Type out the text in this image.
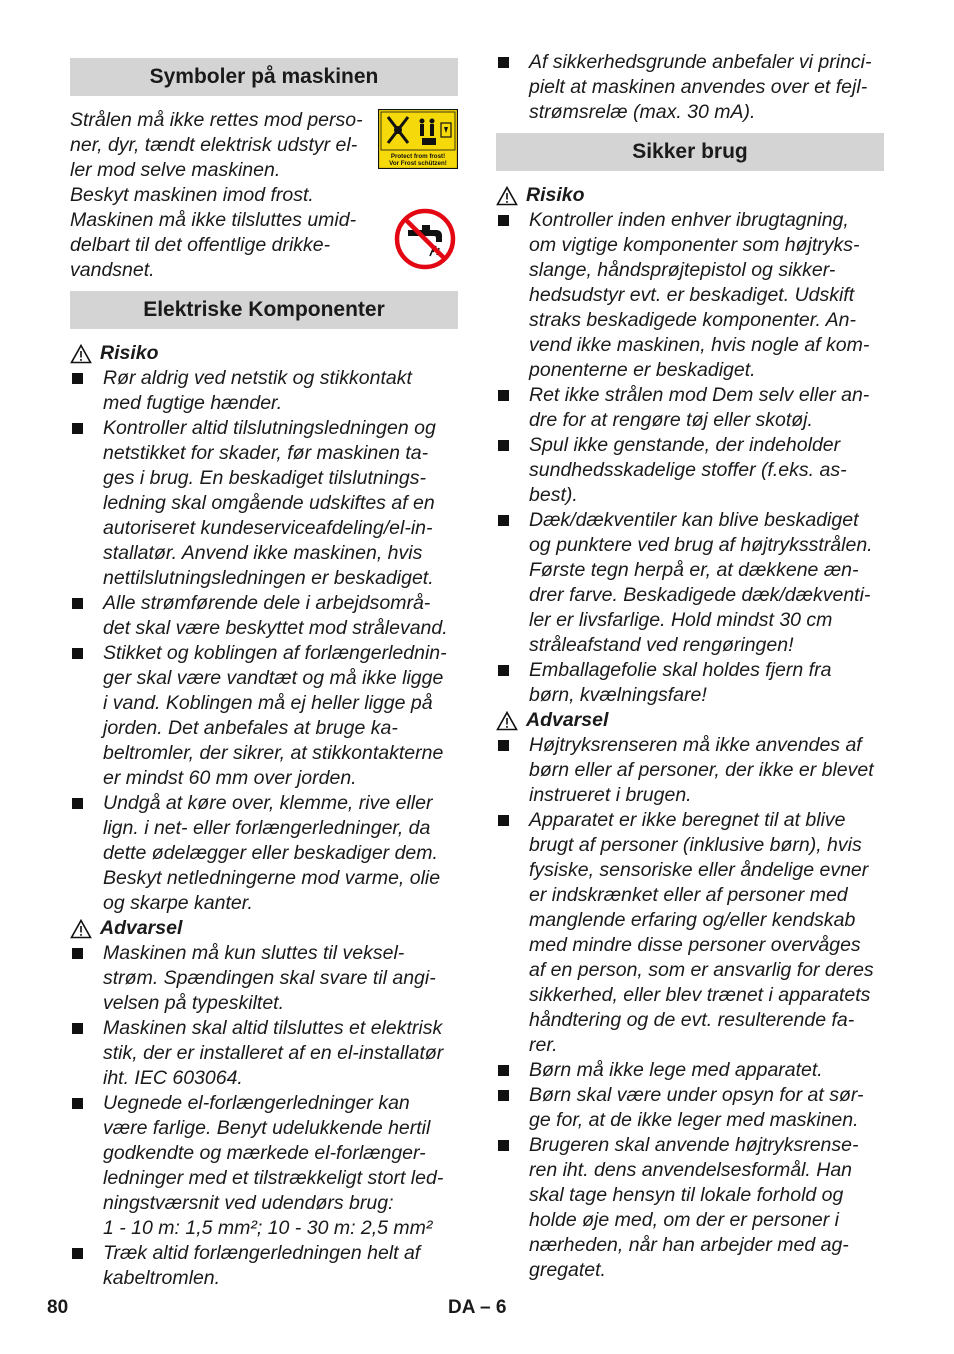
Symboler på maskinen
Strålen må ikke rettes mod perso-
ner, dyr, tændt elektrisk udstyr el-
ler mod selve maskinen.
Beskyt maskinen imod frost.
Maskinen må ikke tilsluttes umid-
delbart til det offentlige drikke-
vandsnet.
Protect from frost!
Vor Frost schützen!
Elektriske Komponenter
Risiko
Rør aldrig ved netstik og stikkontakt
med fugtige hænder.
Kontroller altid tilslutningsledningen og
netstikket for skader, før maskinen ta-
ges i brug. En beskadiget tilslutnings-
ledning skal omgående udskiftes af en
autoriseret kundeserviceafdeling/el-in-
stallatør. Anvend ikke maskinen, hvis
nettilslutningsledningen er beskadiget.
Alle strømførende dele i arbejdsområ-
det skal være beskyttet mod strålevand.
Stikket og koblingen af forlængerlednin-
ger skal være vandtæt og må ikke ligge
i vand. Koblingen må ej heller ligge på
jorden. Det anbefales at bruge ka-
beltromler, der sikrer, at stikkontakterne
er mindst 60 mm over jorden.
Undgå at køre over, klemme, rive eller
lign. i net- eller forlængerledninger, da
dette ødelægger eller beskadiger dem.
Beskyt netledningerne mod varme, olie
og skarpe kanter.
Advarsel
Maskinen må kun sluttes til veksel-
strøm. Spændingen skal svare til angi-
velsen på typeskiltet.
Maskinen skal altid tilsluttes et elektrisk
stik, der er installeret af en el-installatør
iht. IEC 603064.
Uegnede el-forlængerledninger kan
være farlige. Benyt udelukkende hertil
godkendte og mærkede el-forlænger-
ledninger med et tilstrækkeligt stort led-
ningstværsnit ved udendørs brug:
1 - 10 m: 1,5 mm²; 10 - 30 m: 2,5 mm²
Træk altid forlængerledningen helt af
kabeltromlen.
Af sikkerhedsgrunde anbefaler vi princi-
pielt at maskinen anvendes over et fejl-
strømsrelæ (max. 30 mA).
Sikker brug
Risiko
Kontroller inden enhver ibrugtagning,
om vigtige komponenter som højtryks-
slange, håndsprøjtepistol og sikker-
hedsudstyr evt. er beskadiget. Udskift
straks beskadigede komponenter. An-
vend ikke maskinen, hvis nogle af kom-
ponenterne er beskadiget.
Ret ikke strålen mod Dem selv eller an-
dre for at rengøre tøj eller skotøj.
Spul ikke genstande, der indeholder
sundhedsskadelige stoffer (f.eks. as-
best).
Dæk/dækventiler kan blive beskadiget
og punktere ved brug af højtryksstrålen.
Første tegn herpå er, at dækkene æn-
drer farve. Beskadigede dæk/dækventi-
ler er livsfarlige. Hold mindst 30 cm
stråleafstand ved rengøringen!
Emballagefolie skal holdes fjern fra
børn, kvælningsfare!
Advarsel
Højtryksrenseren må ikke anvendes af
børn eller af personer, der ikke er blevet
instrueret i brugen.
Apparatet er ikke beregnet til at blive
brugt af personer (inklusive børn), hvis
fysiske, sensoriske eller åndelige evner
er indskrænket eller af personer med
manglende erfaring og/eller kendskab
med mindre disse personer overvåges
af en person, som er ansvarlig for deres
sikkerhed, eller blev trænet i apparatets
håndtering og de evt. resulterende fa-
rer.
Børn må ikke lege med apparatet.
Børn skal være under opsyn for at sør-
ge for, at de ikke leger med maskinen.
Brugeren skal anvende højtryksrense-
ren iht. dens anvendelsesformål. Han
skal tage hensyn til lokale forhold og
holde øje med, om der er personer i
nærheden, når han arbejder med ag-
gregatet.
80	DA – 6
